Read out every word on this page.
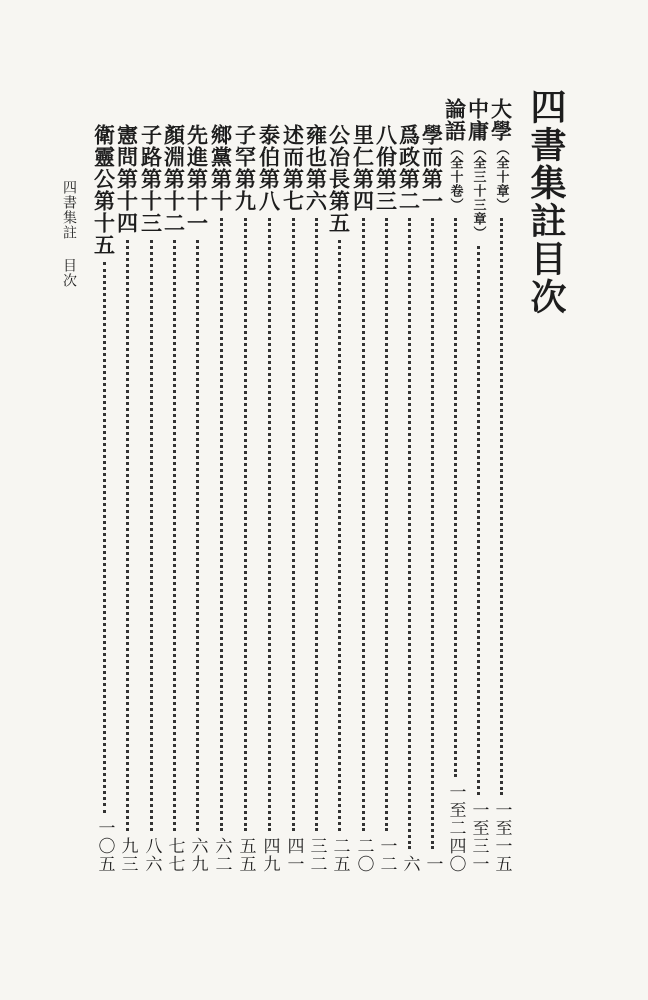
四書集註目次
四書集註目次
大學（全十章）
一至一五
中庸（全三十三章）
一至三一
論語（全十卷）
一至二四〇
學而第一
一
爲政第二
六
八佾第三
一二
里仁第四
二〇
公冶長第五
二五
雍也第六
三二
述而第七
四一
泰伯第八
四九
子罕第九
五五
鄉黨第十
六二
先進第十一
六九
顏淵第十二
七七
子路第十三
八六
憲問第十四
九三
衛靈公第十五
一〇五
